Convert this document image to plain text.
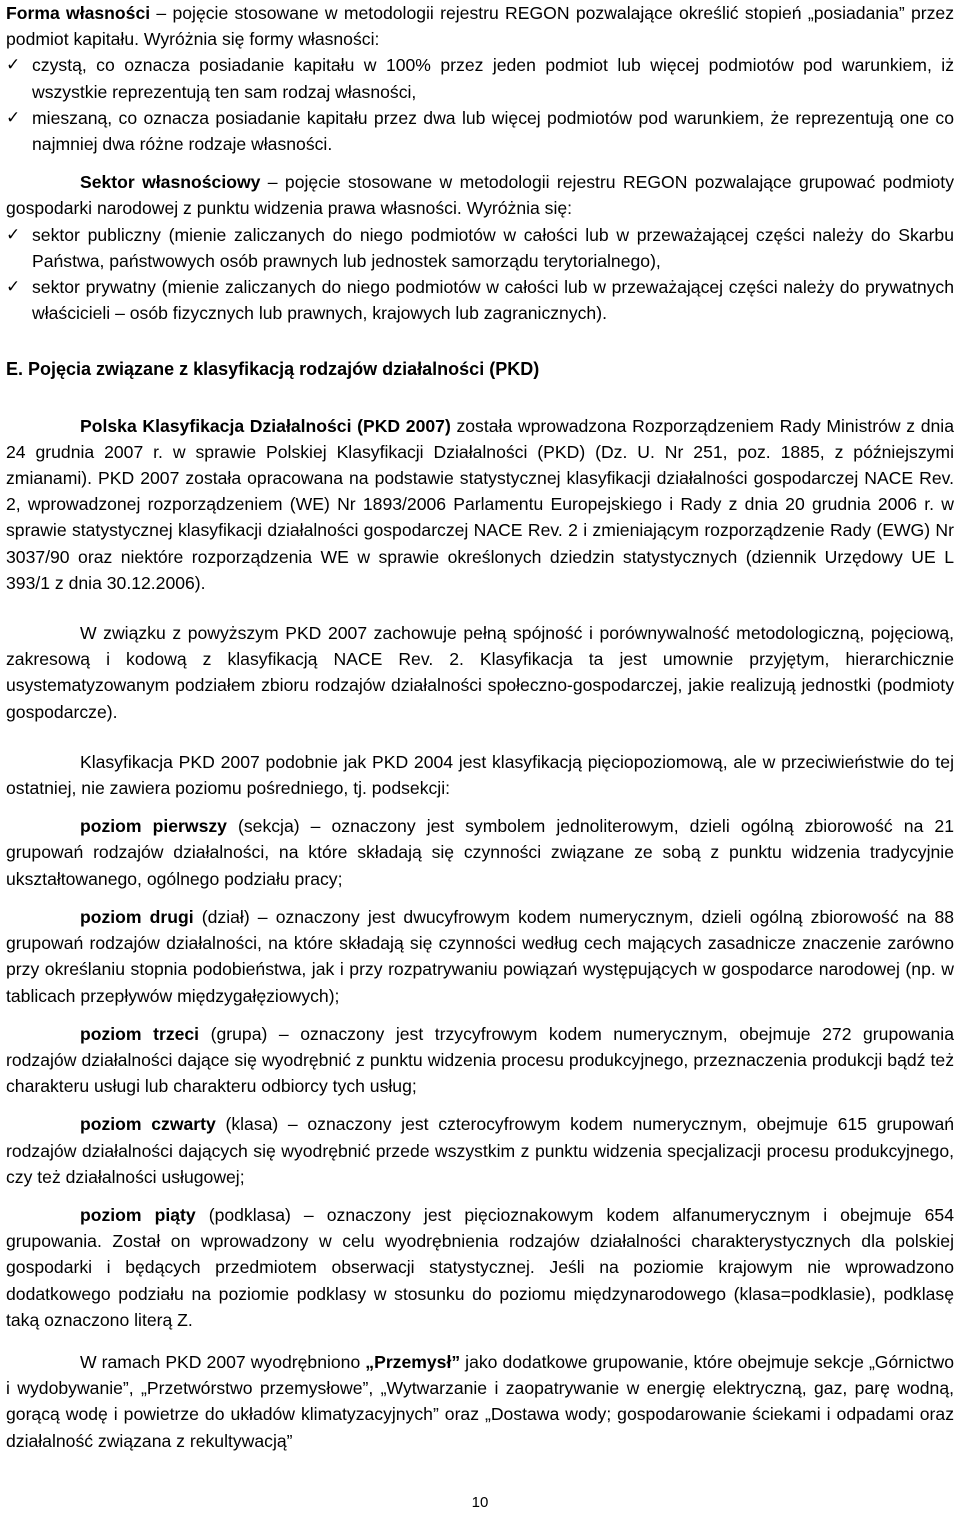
Forma własności – pojęcie stosowane w metodologii rejestru REGON pozwalające określić stopień „posiadania” przez podmiot kapitału. Wyróżnia się formy własności:

✓ czystą, co oznacza posiadanie kapitału w 100% przez jeden podmiot lub więcej podmiotów pod warunkiem, iż wszystkie reprezentują ten sam rodzaj własności,
✓ mieszaną, co oznacza posiadanie kapitału przez dwa lub więcej podmiotów pod warunkiem, że reprezentują one co najmniej dwa różne rodzaje własności.

Sektor własnościowy – pojęcie stosowane w metodologii rejestru REGON pozwalające grupować podmioty gospodarki narodowej z punktu widzenia prawa własności. Wyróżnia się:

✓ sektor publiczny (mienie zaliczanych do niego podmiotów w całości lub w przeważającej części należy do Skarbu Państwa, państwowych osób prawnych lub jednostek samorządu terytorialnego),
✓ sektor prywatny (mienie zaliczanych do niego podmiotów w całości lub w przeważającej części należy do prywatnych właścicieli – osób fizycznych lub prawnych, krajowych lub zagranicznych).

E. Pojęcia związane z klasyfikacją rodzajów działalności (PKD)

Polska Klasyfikacja Działalności (PKD 2007) została wprowadzona Rozporządzeniem Rady Ministrów z dnia 24 grudnia 2007 r. w sprawie Polskiej Klasyfikacji Działalności (PKD) (Dz. U. Nr 251, poz. 1885, z późniejszymi zmianami). PKD 2007 została opracowana na podstawie statystycznej klasyfikacji działalności gospodarczej NACE Rev. 2, wprowadzonej rozporządzeniem (WE) Nr 1893/2006 Parlamentu Europejskiego i Rady z dnia 20 grudnia 2006 r. w sprawie statystycznej klasyfikacji działalności gospodarczej NACE Rev. 2 i zmieniającym rozporządzenie Rady (EWG) Nr 3037/90 oraz niektóre rozporządzenia WE w sprawie określonych dziedzin statystycznych (dziennik Urzędowy UE L 393/1 z dnia 30.12.2006).

W związku z powyższym PKD 2007 zachowuje pełną spójność i porównywalność metodologiczną, pojęciową, zakresową i kodową z klasyfikacją NACE Rev. 2. Klasyfikacja ta jest umownie przyjętym, hierarchicznie usystematyzowanym podziałem zbioru rodzajów działalności społeczno-gospodarczej, jakie realizują jednostki (podmioty gospodarcze).

Klasyfikacja PKD 2007 podobnie jak PKD 2004 jest klasyfikacją pięciopoziomową, ale w przeciwieństwie do tej ostatniej, nie zawiera poziomu pośredniego, tj. podsekcji:

poziom pierwszy (sekcja) – oznaczony jest symbolem jednoliterowym, dzieli ogólną zbiorowość na 21 grupowań rodzajów działalności, na które składają się czynności związane ze sobą z punktu widzenia tradycyjnie ukształtowanego, ogólnego podziału pracy;

poziom drugi (dział) – oznaczony jest dwucyfrowym kodem numerycznym, dzieli ogólną zbiorowość na 88 grupowań rodzajów działalności, na które składają się czynności według cech mających zasadnicze znaczenie zarówno przy określaniu stopnia podobieństwa, jak i przy rozpatrywaniu powiązań występujących w gospodarce narodowej (np. w tablicach przepływów międzygałęziowych);

poziom trzeci (grupa) – oznaczony jest trzycyfrowym kodem numerycznym, obejmuje 272 grupowania rodzajów działalności dające się wyodrębnić z punktu widzenia procesu produkcyjnego, przeznaczenia produkcji bądź też charakteru usługi lub charakteru odbiorcy tych usług;

poziom czwarty (klasa) – oznaczony jest czterocyfrowym kodem numerycznym, obejmuje 615 grupowań rodzajów działalności dających się wyodrębnić przede wszystkim z punktu widzenia specjalizacji procesu produkcyjnego, czy też działalności usługowej;

poziom piąty (podklasa) – oznaczony jest pięcioznakowym kodem alfanumerycznym i obejmuje 654 grupowania. Został on wprowadzony w celu wyodrębnienia rodzajów działalności charakterystycznych dla polskiej gospodarki i będących przedmiotem obserwacji statystycznej. Jeśli na poziomie krajowym nie wprowadzono dodatkowego podziału na poziomie podklasy w stosunku do poziomu międzynarodowego (klasa=podklasie), podklasę taką oznaczono literą Z.

W ramach PKD 2007 wyodrębniono „Przemysł” jako dodatkowe grupowanie, które obejmuje sekcje „Górnictwo i wydobywanie”, „Przetwórstwo przemysłowe”, „Wytwarzanie i zaopatrywanie w energię elektryczną, gaz, parę wodną, gorącą wodę i powietrze do układów klimatyzacyjnych” oraz „Dostawa wody; gospodarowanie ściekami i odpadami oraz działalność związana z rekultywacją”

10
